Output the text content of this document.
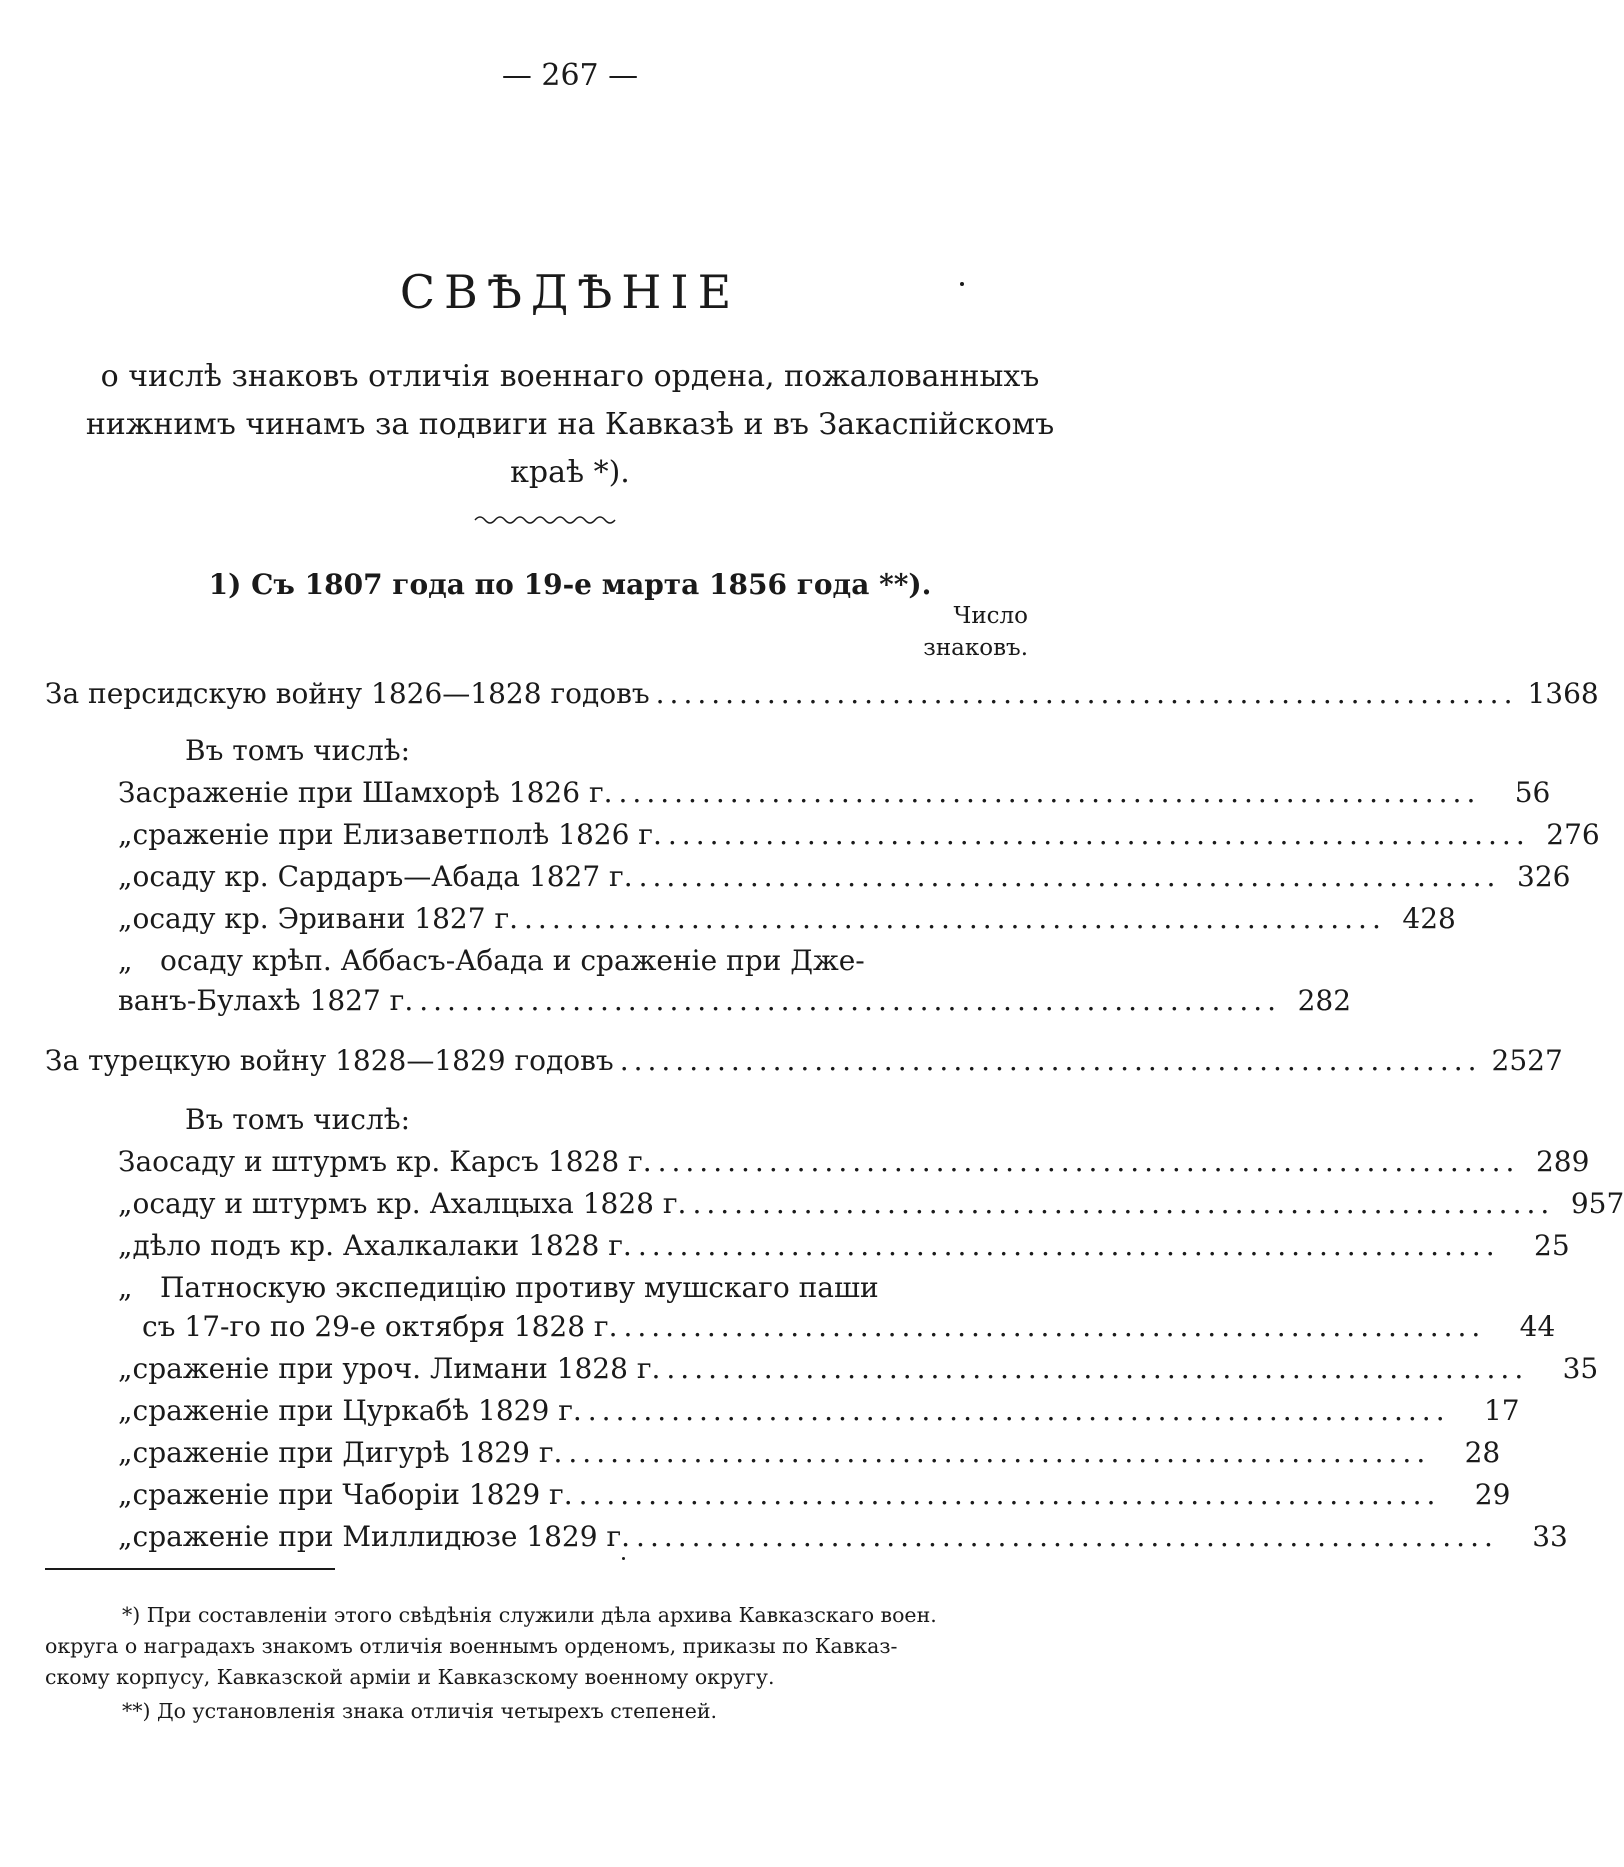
— 267 —
СВѢДѢНІЕ
о числѣ знаковъ отличія военнаго ордена, пожалованныхъ
нижнимъ чинамъ за подвиги на Кавказѣ и въ Закаспійскомъ
краѣ *).
1) Съ 1807 года по 19-е марта 1856 года **).
Число
знаковъ.
За персидскую войну 1826—1828 годовъ .............................................................. 1368
Въ томъ числѣ:
За сраженіе при Шамхорѣ 1826 г. ..............................................................	56
„ сраженіе при Елизаветполѣ 1826 г. .............................................................. 276
„ осаду кр. Сардаръ—Абада 1827 г. .............................................................. 326
„ осаду кр. Эривани 1827 г. .............................................................. 428
„ осаду крѣп. Аббасъ-Абада и сраженіе при Дже-
ванъ-Булахѣ 1827 г. .............................................................. 282
За турецкую войну 1828—1829 годовъ .............................................................. 2527
Въ томъ числѣ:
За осаду и штурмъ кр. Карсъ 1828 г. .............................................................. 289
„ осаду и штурмъ кр. Ахалцыха 1828 г. .............................................................. 957
„ дѣло подъ кр. Ахалкалаки 1828 г. ..............................................................	25
„ Патноскую экспедицію противу мушскаго паши
съ 17-го по 29-е октября 1828 г. ..............................................................	44
„ сраженіе при уроч. Лимани 1828 г. ..............................................................	35
„ сраженіе при Цуркабѣ 1829 г. ..............................................................	17
„ сраженіе при Дигурѣ 1829 г. ..............................................................	28
„ сраженіе при Чаборіи 1829 г. ..............................................................	29
„ сраженіе при Миллидюзе 1829 г. ..............................................................	33
*) При составленіи этого свѣдѣнія служили дѣла архива Кавказскаго воен.
округа о наградахъ знакомъ отличія военнымъ орденомъ, приказы по Кавказ-
скому корпусу, Кавказской арміи и Кавказскому военному округу.
**) До установленія знака отличія четырехъ степеней.
